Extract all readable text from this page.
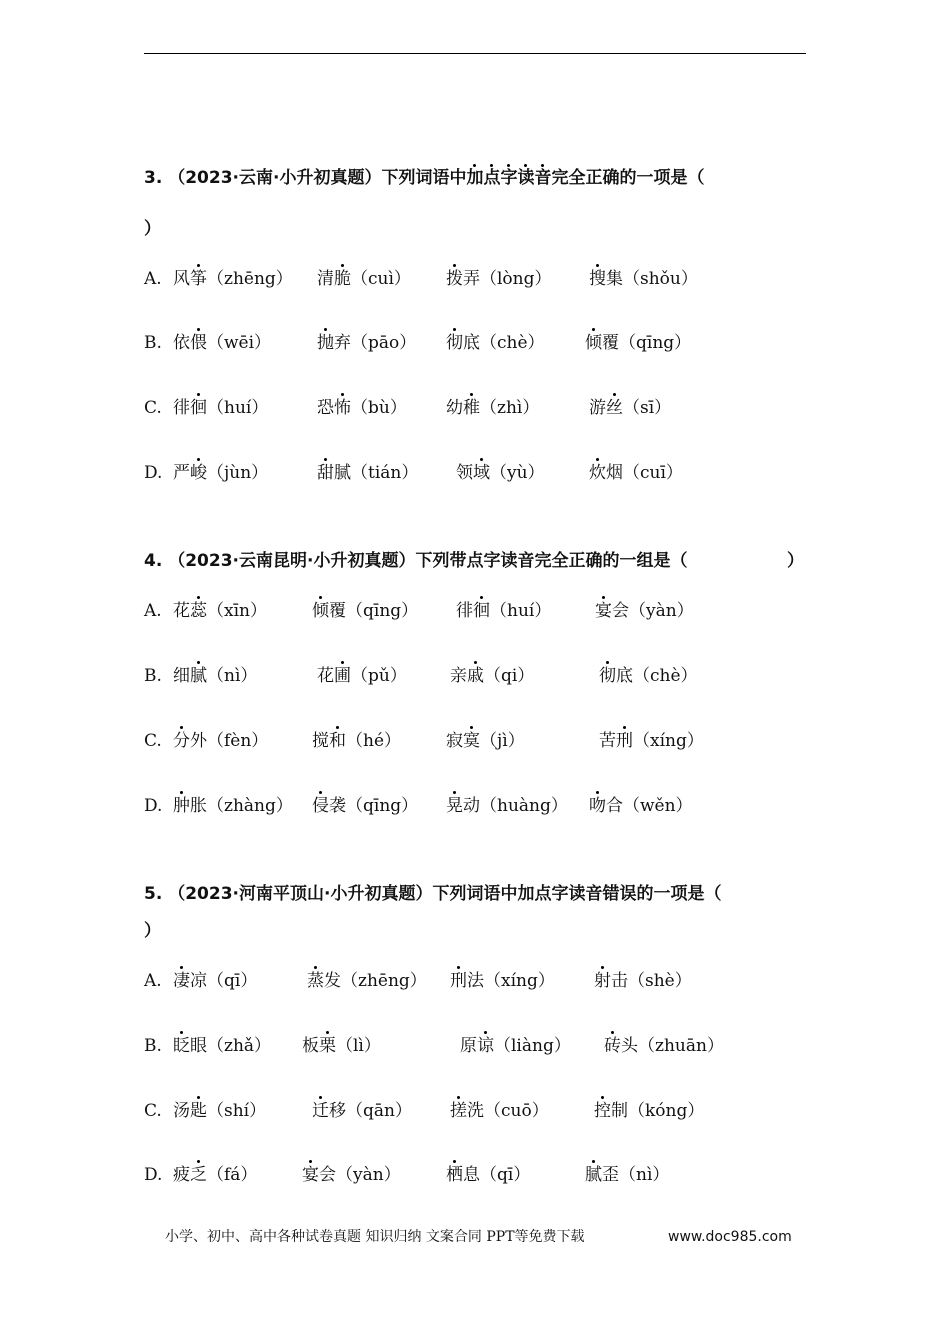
3. （2023·云南·小升初真题）下列词语中加点字读音完全正确的一项是（
）
A. 风筝（zhēng） 清脆（cuì） 拨弄（lòng） 搜集（shǒu）
B. 依偎（wēi）	抛弃（pāo） 彻底（chè） 倾覆（qīng）
C. 徘徊（huí）	恐怖（bù） 幼稚（zhì）	游丝（sī）
D. 严峻（jùn）	甜腻（tián） 领域（yù）	炊烟（cuī）
4. （2023·云南昆明·小升初真题）下列带点字读音完全正确的一组是（	）
A. 花蕊（xīn）	倾覆（qīng） 徘徊（huí）	宴会（yàn）
B. 细腻（nì）	花圃（pǔ）	亲戚（qi）	彻底（chè）
C. 分外（fèn）	搅和（hé）	寂寞（jì）	苦刑（xíng）
D. 肿胀（zhàng） 侵袭（qīng） 晃动（huàng） 吻合（wěn）
5. （2023·河南平顶山·小升初真题）下列词语中加点字读音错误的一项是（
）
A. 凄凉（qī）	蒸发（zhēng） 刑法（xíng） 射击（shè）
B. 眨眼（zhǎ） 板栗（lì）	原谅（liàng） 砖头（zhuān）
C. 汤匙（shí）	迁移（qān） 搓洗（cuō）	控制（kóng）
D. 疲乏（fá）	宴会（yàn）	栖息（qī）	腻歪（nì）
小学、初中、高中各种试卷真题 知识归纳 文案合同 PPT等免费下载	www.doc985.com
